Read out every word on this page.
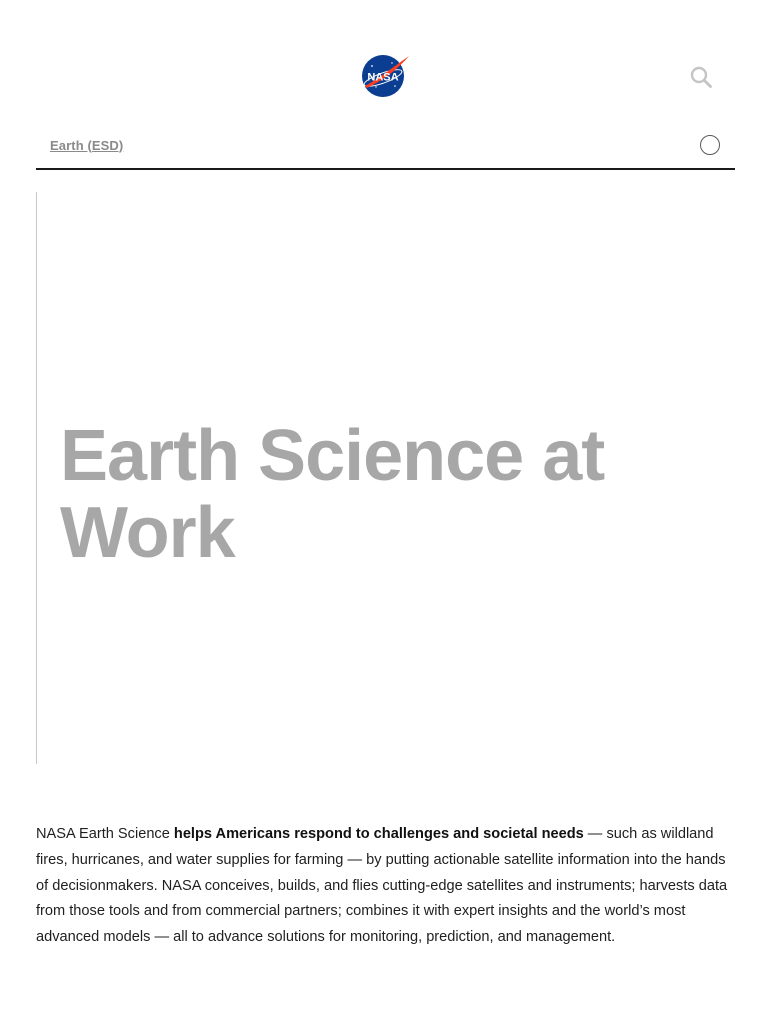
NASA
Earth (ESD)
Earth Science at Work

NASA Earth Science helps Americans respond to challenges and societal needs — such as wildland fires, hurricanes, and water supplies for farming — by putting actionable satellite information into the hands of decisionmakers. NASA conceives, builds, and flies cutting-edge satellites and instruments; harvests data from those tools and from commercial partners; combines it with expert insights and the world’s most advanced models — all to advance solutions for monitoring, prediction, and management.
